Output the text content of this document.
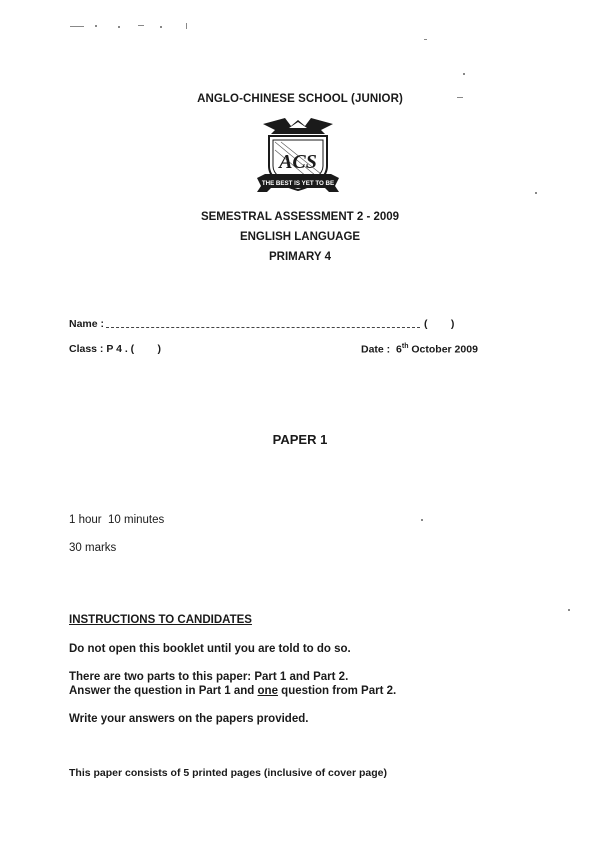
ANGLO-CHINESE SCHOOL (JUNIOR)
THE BEST IS YET TO BE
ACS
SEMESTRAL ASSESSMENT 2 - 2009
ENGLISH LANGUAGE
PRIMARY 4
Name :	(        )
Class : P 4 . (        )	Date :  6th October 2009
PAPER 1
1 hour  10 minutes
30 marks
INSTRUCTIONS TO CANDIDATES
Do not open this booklet until you are told to do so.
There are two parts to this paper: Part 1 and Part 2.
Answer the question in Part 1 and one question from Part 2.
Write your answers on the papers provided.
This paper consists of 5 printed pages (inclusive of cover page)
